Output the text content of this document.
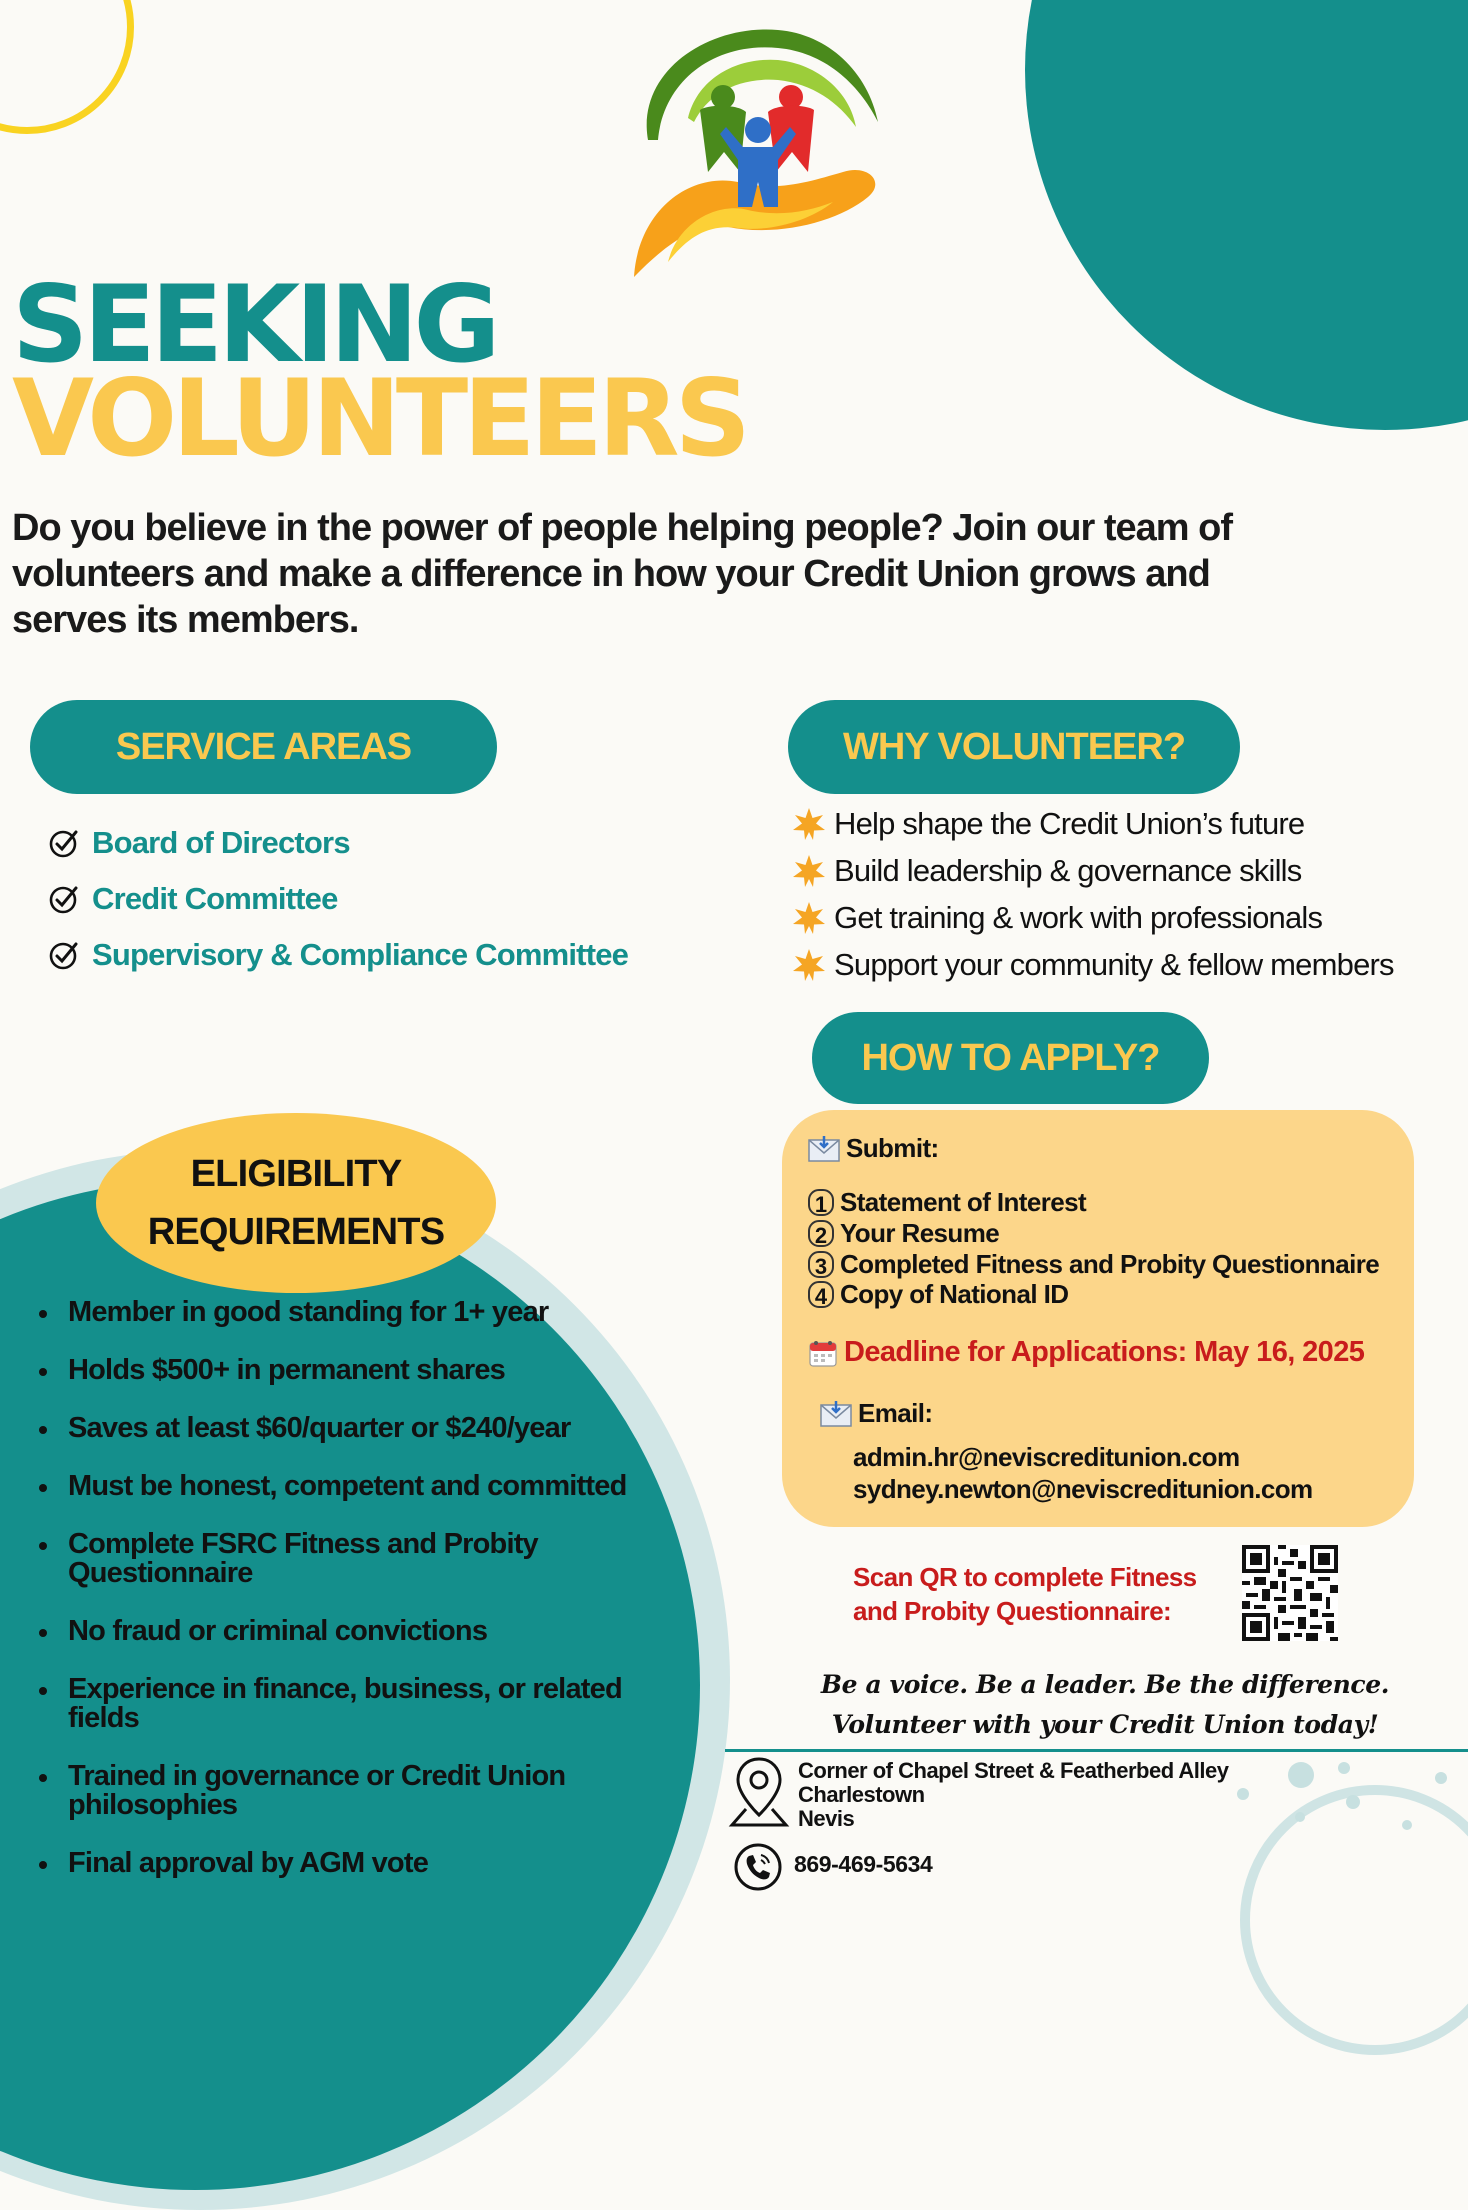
SEEKING
VOLUNTEERS

Do you believe in the power of people helping people? Join our team of volunteers and make a difference in how your Credit Union grows and serves its members.

SERVICE AREAS
Board of Directors
Credit Committee
Supervisory & Compliance Committee
WHY VOLUNTEER?
Help shape the Credit Union’s future
Build leadership & governance skills
Get training & work with professionals
Support your community & fellow members
ELIGIBILITY
REQUIREMENTS
Member in good standing for 1+ year
Holds $500+ in permanent shares
Saves at least $60/quarter or $240/year
Must be honest, competent and committed
Complete FSRC Fitness and Probity Questionnaire
No fraud or criminal convictions
Experience in finance, business, or related fields
Trained in governance or Credit Union philosophies
Final approval by AGM vote
HOW TO APPLY?
Submit:
1 Statement of Interest
2 Your Resume
3 Completed Fitness and Probity Questionnaire
4 Copy of National ID
Deadline for Applications: May 16, 2025
Email:
admin.hr@neviscreditunion.com
sydney.newton@neviscreditunion.com

Scan QR to complete Fitness and Probity Questionnaire:

Be a voice. Be a leader. Be the difference.
Volunteer with your Credit Union today!

Corner of Chapel Street & Featherbed Alley
Charlestown
Nevis

869-469-5634
